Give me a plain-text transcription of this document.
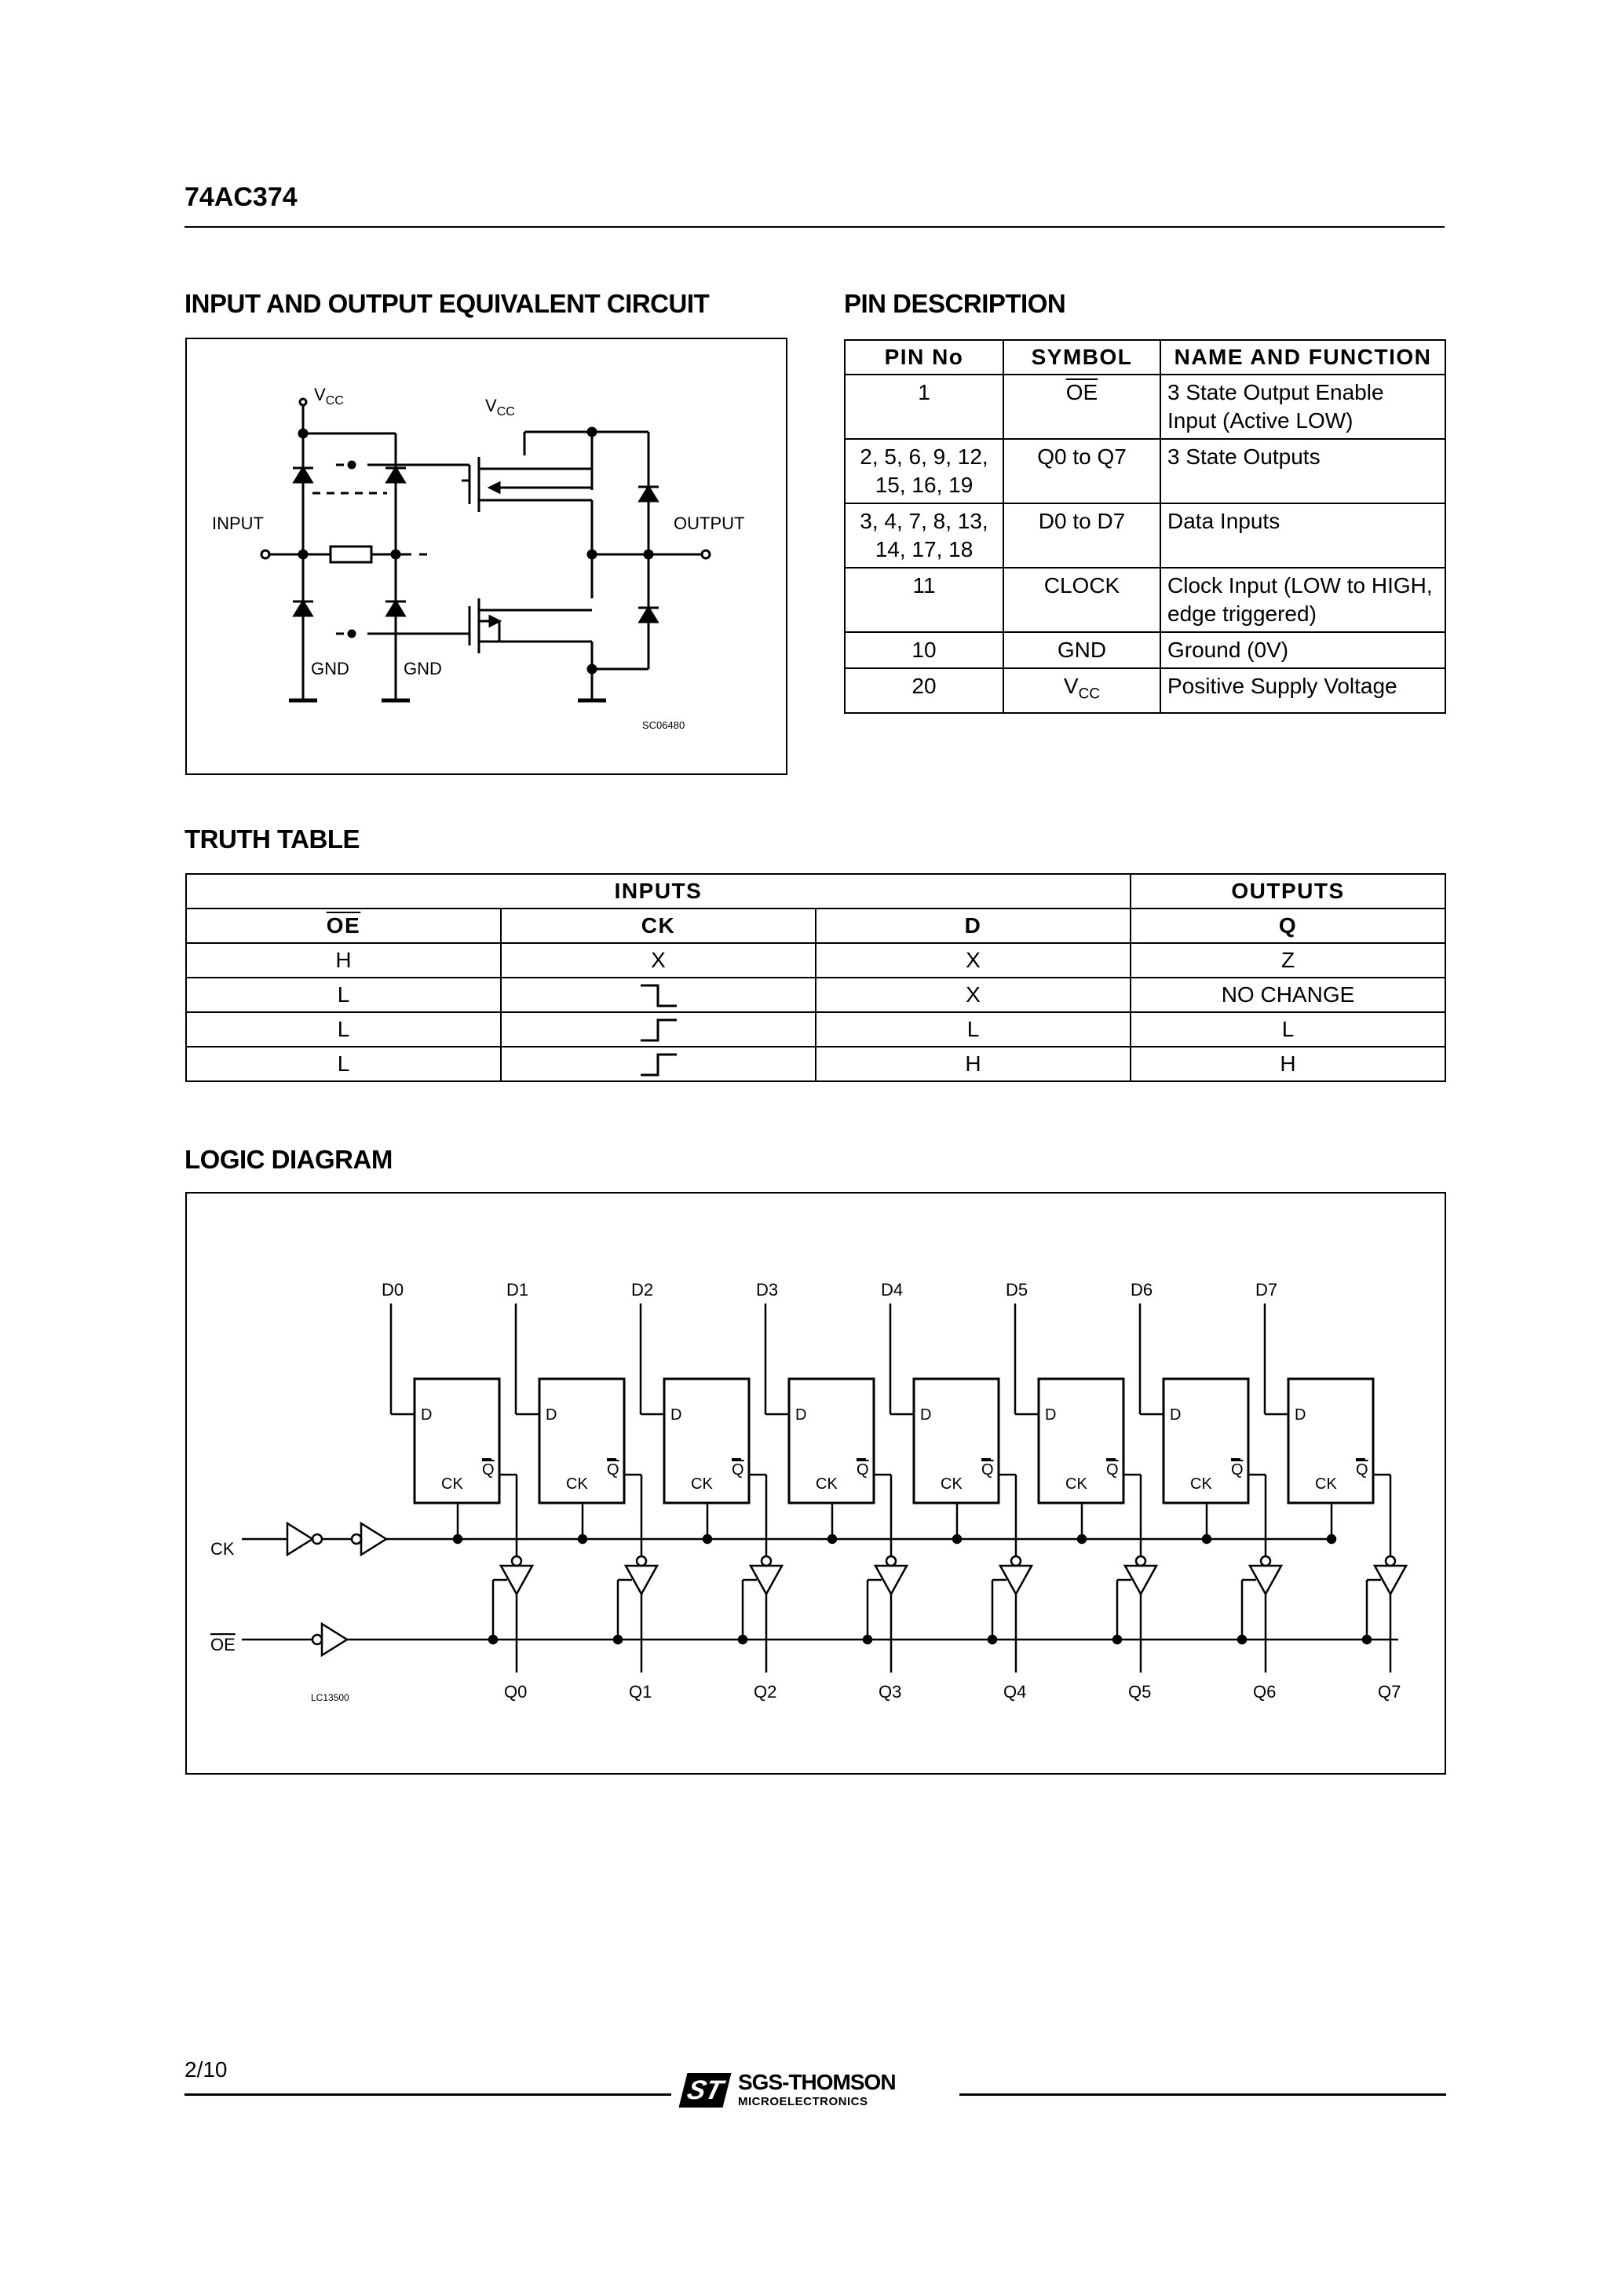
74AC374
INPUT AND OUTPUT EQUIVALENT CIRCUIT	PIN DESCRIPTION
$V_{CC}$
INPUT
GND	GND
$V_{CC}$
OUTPUT
SC06480
PIN No	SYMBOL	NAME AND FUNCTION
1	$\overline{OE}$	3 State Output Enable Input (Active LOW)
2, 5, 6, 9, 12, 15, 16, 19	Q0 to Q7	3 State Outputs
3, 4, 7, 8, 13, 14, 17, 18	D0 to D7	Data Inputs
11	CLOCK	Clock Input (LOW to HIGH, edge triggered)
10	GND	Ground (0V)
20	$V_{CC}$	Positive Supply Voltage
TRUTH TABLE
INPUTS			OUTPUTS
$\overline{OE}$	CK	D	Q
H	X	X	Z
L		X	NO CHANGE
L		L	L
L		H	H
LOGIC DIAGRAM
CK
OE
LC13500
D0
D
CK
Q
Q0
D1
D
CK
Q
Q1
D2
D
CK
Q
Q2
D3
D
CK
Q
Q3
D4
D
CK
Q
Q4
D5
D
CK
Q
Q5
D6
D
CK
Q
Q6
D7
D
CK
Q
Q7
2/10
ST SGS-THOMSON
MICROELECTRONICS
